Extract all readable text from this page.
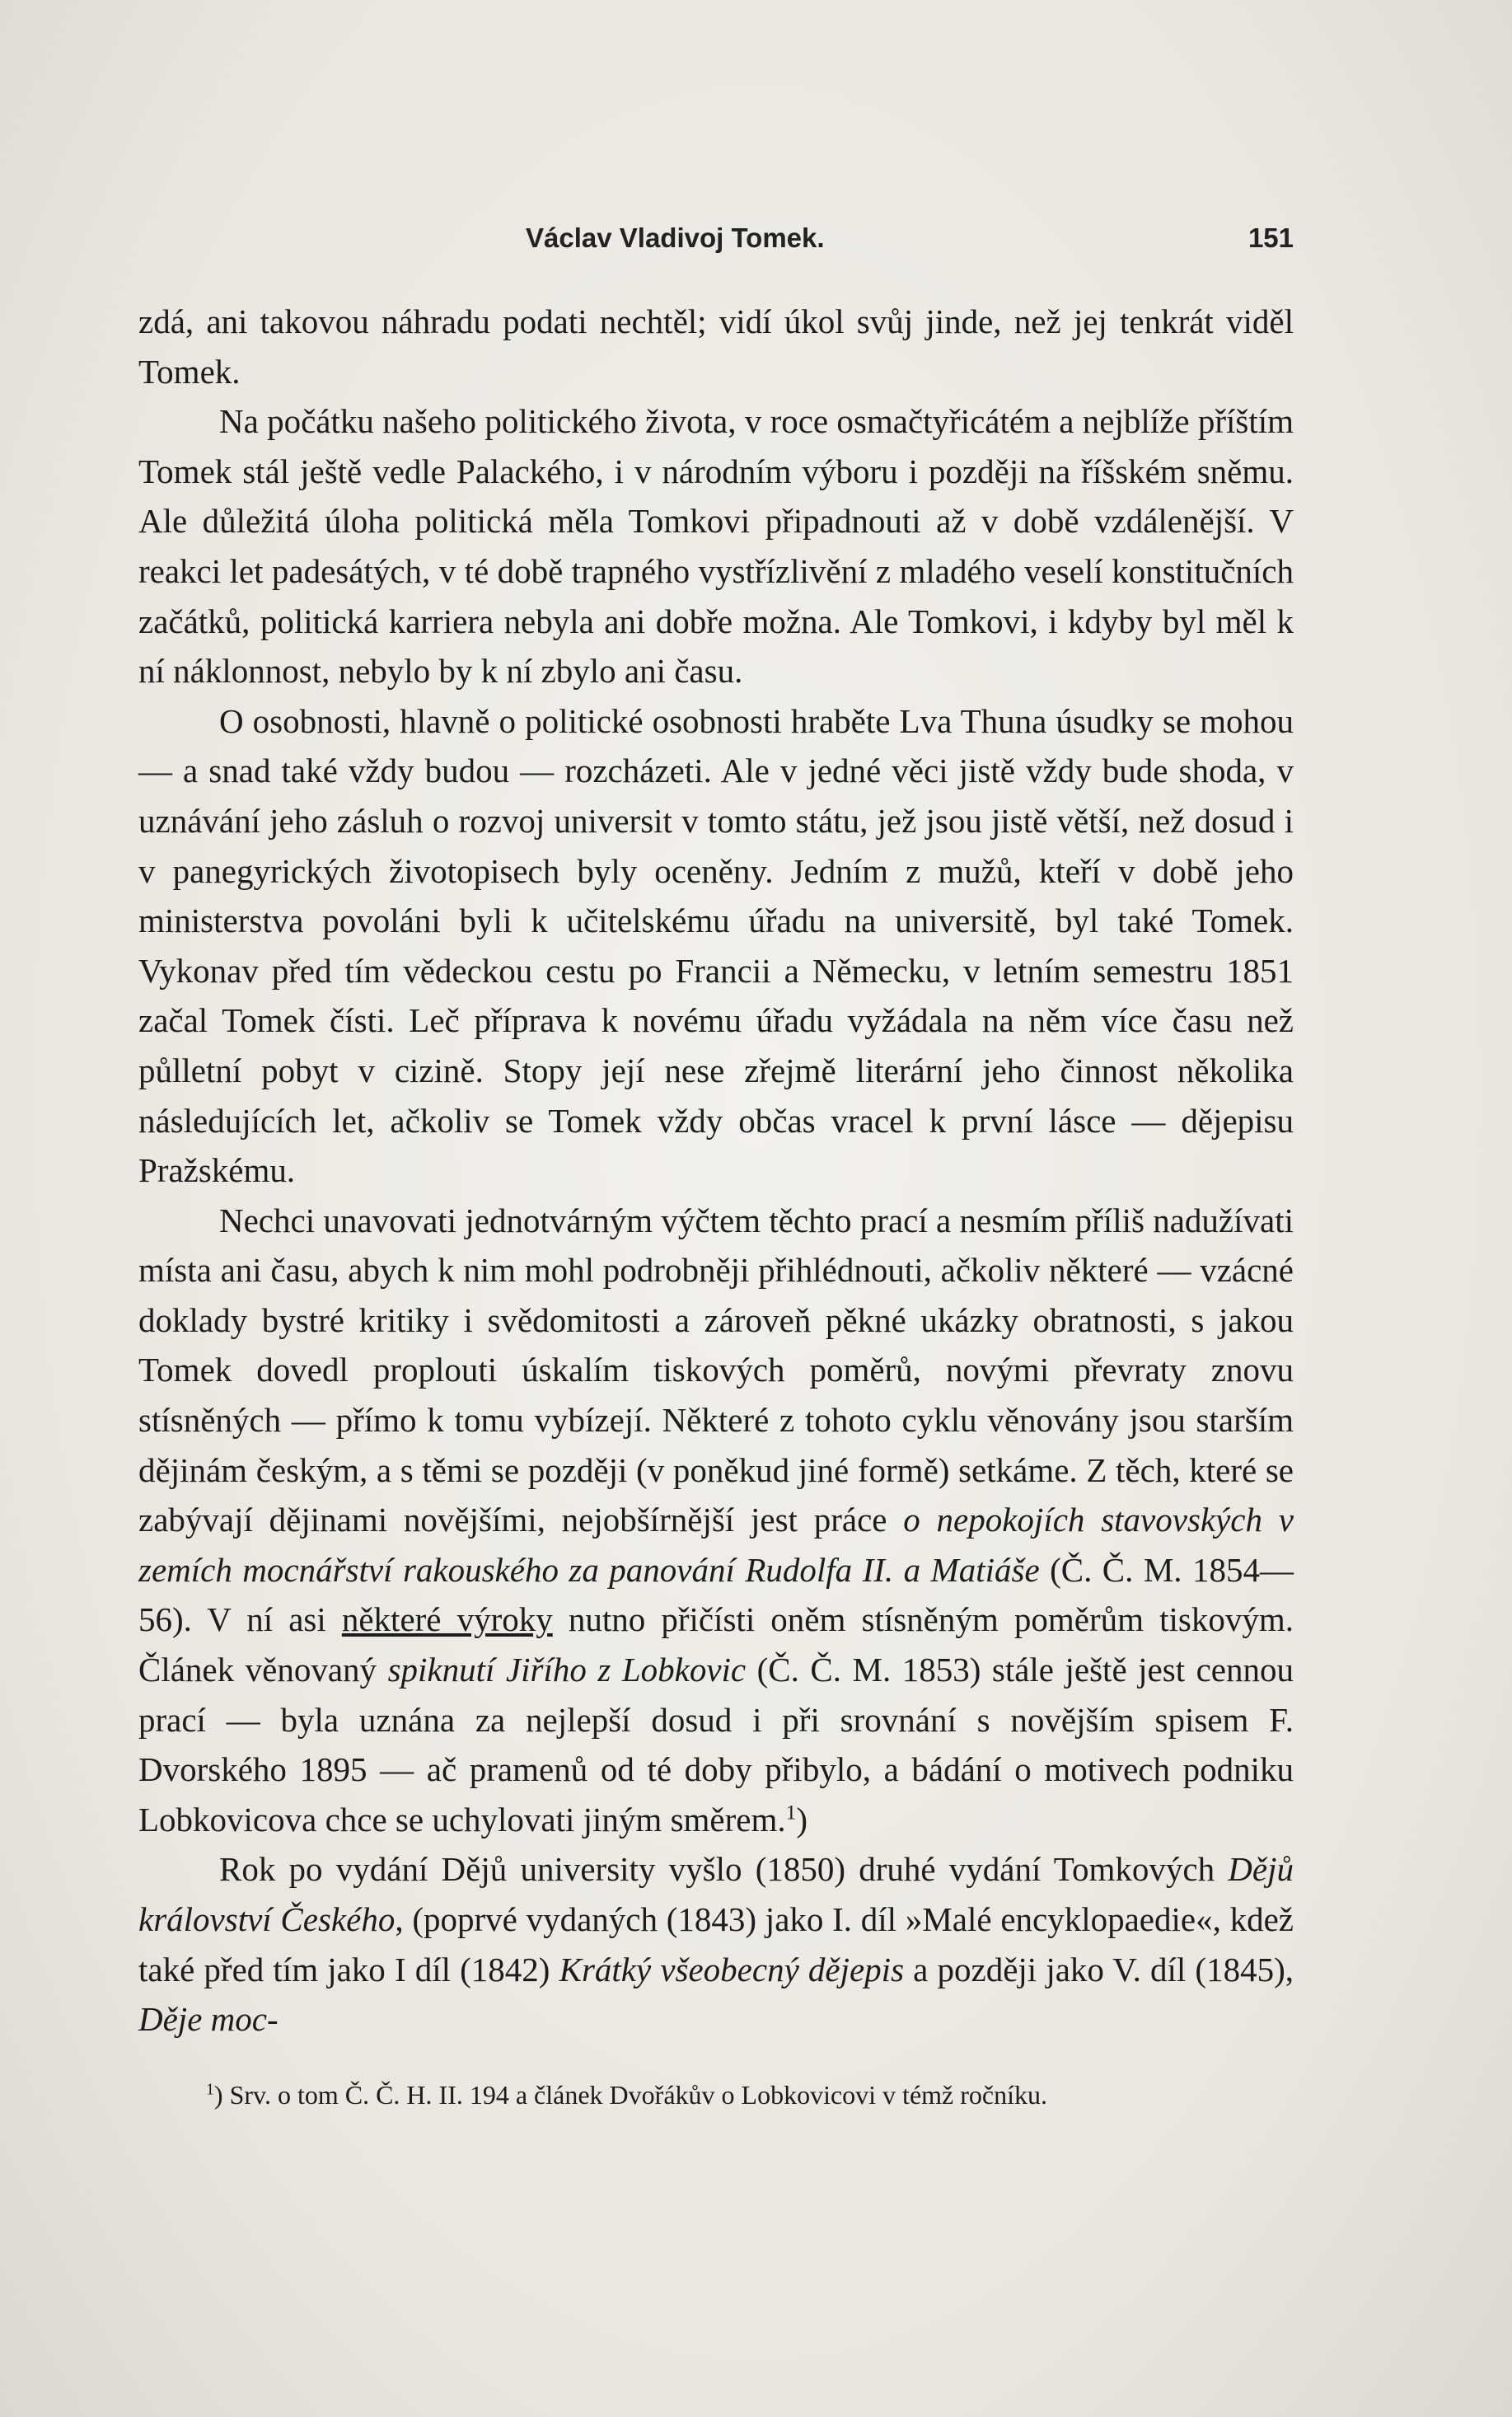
Václav Vladivoj Tomek.	151

zdá, ani takovou náhradu podati nechtěl; vidí úkol svůj jinde, než jej tenkrát viděl Tomek.

Na počátku našeho politického života, v roce osmačtyřicátém a nejblíže příštím Tomek stál ještě vedle Palackého, i v národním výboru i později na říšském sněmu. Ale důležitá úloha politická měla Tomkovi připadnouti až v době vzdálenější. V reakci let padesátých, v té době trapného vystřízlivění z mladého veselí konstitučních začátků, politická karriera nebyla ani dobře možna. Ale Tomkovi, i kdyby byl měl k ní náklonnost, nebylo by k ní zbylo ani času.

O osobnosti, hlavně o politické osobnosti hraběte Lva Thuna úsudky se mohou — a snad také vždy budou — rozcházeti. Ale v jedné věci jistě vždy bude shoda, v uznávání jeho zásluh o rozvoj universit v tomto státu, jež jsou jistě větší, než dosud i v panegyrických životopisech byly oceněny. Jedním z mužů, kteří v době jeho ministerstva povoláni byli k učitelskému úřadu na universitě, byl také Tomek. Vykonav před tím vědeckou cestu po Francii a Německu, v letním semestru 1851 začal Tomek čísti. Leč příprava k novému úřadu vyžádala na něm více času než půlletní pobyt v cizině. Stopy její nese zřejmě literární jeho činnost několika následujících let, ačkoliv se Tomek vždy občas vracel k první lásce — dějepisu Pražskému.

Nechci unavovati jednotvárným výčtem těchto prací a nesmím příliš nadužívati místa ani času, abych k nim mohl podrobněji přihlédnouti, ačkoliv některé — vzácné doklady bystré kritiky i svědomitosti a zároveň pěkné ukázky obratnosti, s jakou Tomek dovedl proplouti úskalím tiskových poměrů, novými převraty znovu stísněných — přímo k tomu vybízejí. Některé z tohoto cyklu věnovány jsou starším dějinám českým, a s těmi se později (v poněkud jiné formě) setkáme. Z těch, které se zabývají dějinami novějšími, nejobšírnější jest práce o nepokojích stavovských v zemích mocnářství rakouského za panování Rudolfa II. a Matiáše (Č. Č. M. 1854—56). V ní asi některé výroky nutno přičísti oněm stísněným poměrům tiskovým. Článek věnovaný spiknutí Jiřího z Lobkovic (Č. Č. M. 1853) stále ještě jest cennou prací — byla uznána za nejlepší dosud i při srovnání s novějším spisem F. Dvorského 1895 — ač pramenů od té doby přibylo, a bádání o motivech podniku Lobkovicova chce se uchylovati jiným směrem.$^1$)

Rok po vydání Dějů university vyšlo (1850) druhé vydání Tomkových Dějů království Českého, (poprvé vydaných (1843) jako I. díl »Malé encyklopaedie«, kdež také před tím jako I díl (1842) Krátký všeobecný dějepis a později jako V. díl (1845), Děje moc-

$^1$) Srv. o tom Č. Č. H. II. 194 a článek Dvořákův o Lobkovicovi v témž ročníku.
